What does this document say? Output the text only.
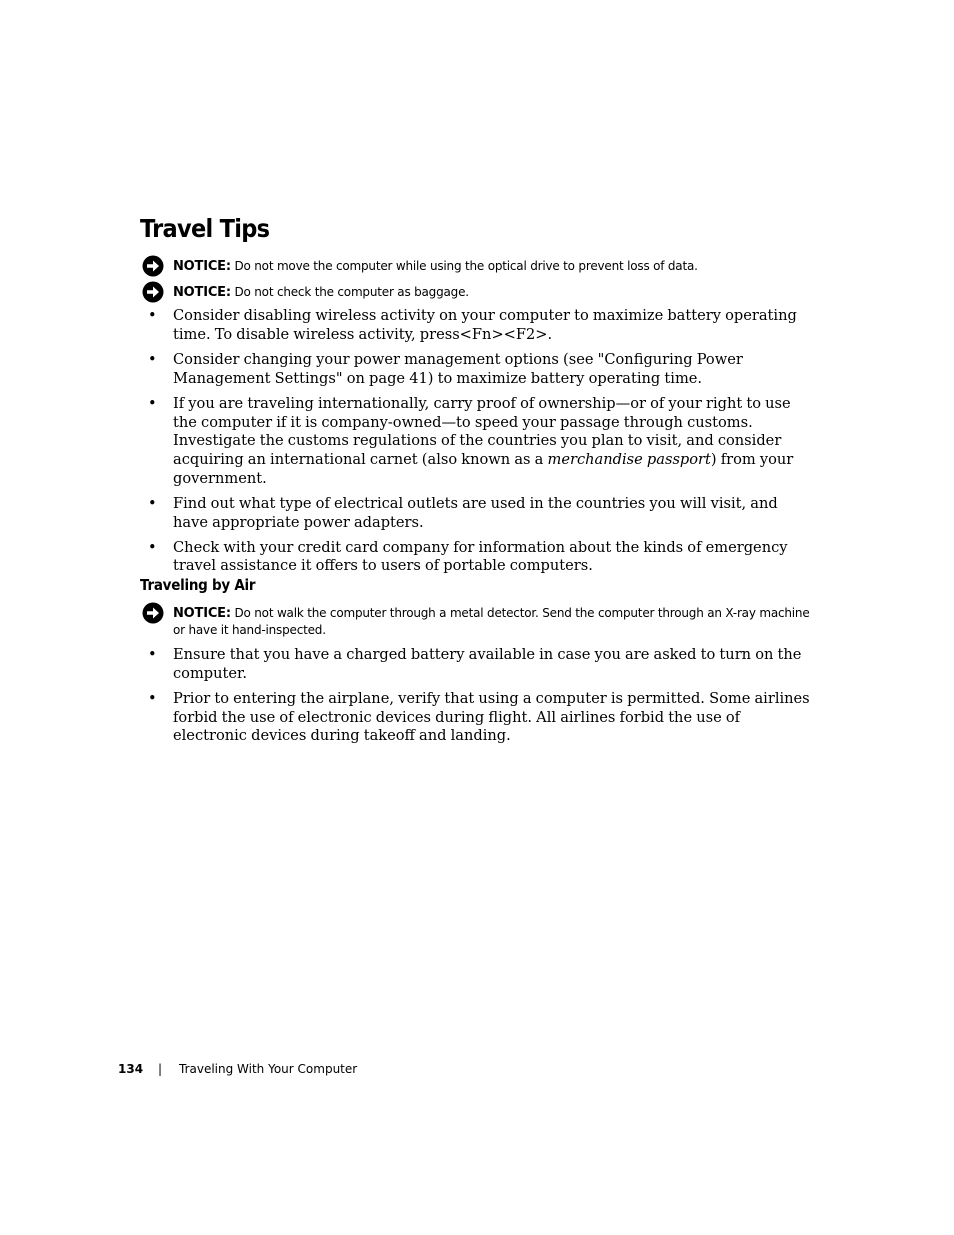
Travel Tips
NOTICE: Do not move the computer while using the optical drive to prevent loss of data.
NOTICE: Do not check the computer as baggage.
• Consider disabling wireless activity on your computer to maximize battery operating time. To disable wireless activity, press<Fn><F2>.
• Consider changing your power management options (see "Configuring Power Management Settings" on page 41) to maximize battery operating time.
• If you are traveling internationally, carry proof of ownership—or of your right to use the computer if it is company-owned—to speed your passage through customs. Investigate the customs regulations of the countries you plan to visit, and consider acquiring an international carnet (also known as a merchandise passport) from your government.
• Find out what type of electrical outlets are used in the countries you will visit, and have appropriate power adapters.
• Check with your credit card company for information about the kinds of emergency travel assistance it offers to users of portable computers.
Traveling by Air
NOTICE: Do not walk the computer through a metal detector. Send the computer through an X-ray machine or have it hand-inspected.
• Ensure that you have a charged battery available in case you are asked to turn on the computer.
• Prior to entering the airplane, verify that using a computer is permitted. Some airlines forbid the use of electronic devices during flight. All airlines forbid the use of electronic devices during takeoff and landing.
134 | Traveling With Your Computer
